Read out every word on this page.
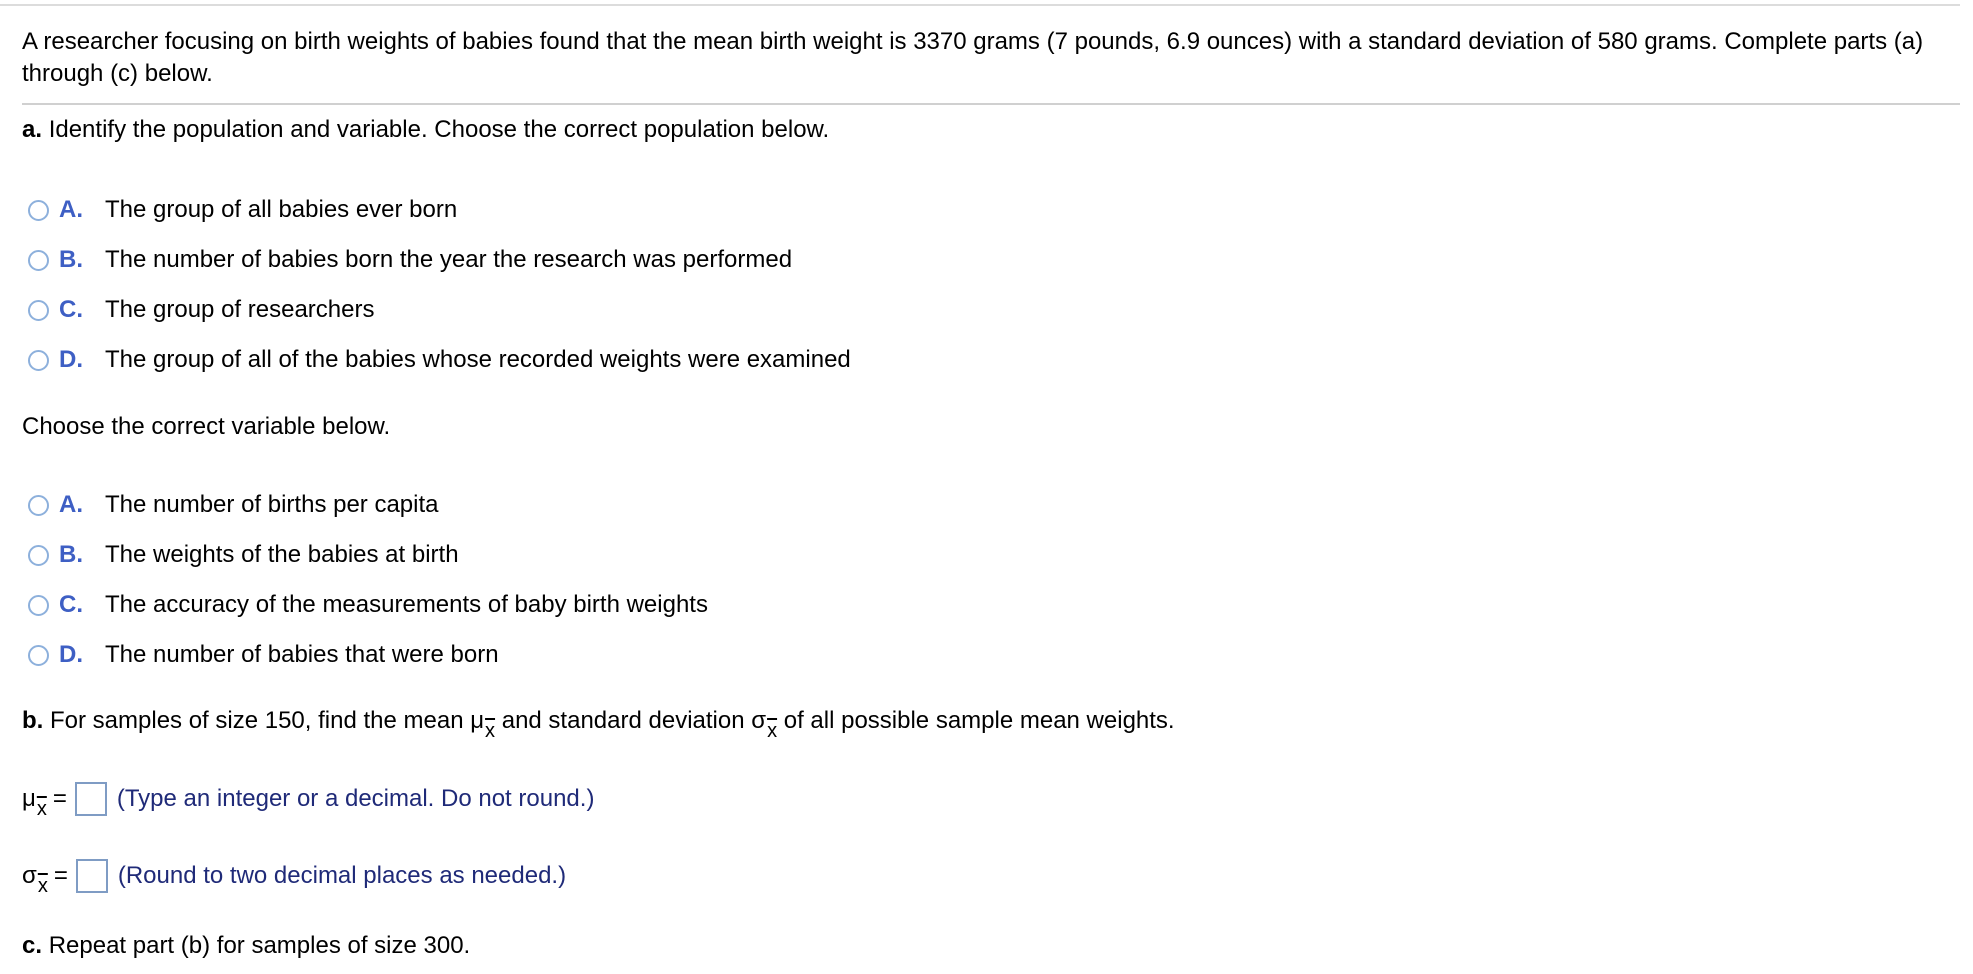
A researcher focusing on birth weights of babies found that the mean birth weight is 3370 grams (7 pounds, 6.9 ounces) with a standard deviation of 580 grams. Complete parts (a) through (c) below.
a. Identify the population and variable. Choose the correct population below.
A. The group of all babies ever born
B. The number of babies born the year the research was performed
C. The group of researchers
D. The group of all of the babies whose recorded weights were examined
Choose the correct variable below.
A. The number of births per capita
B. The weights of the babies at birth
C. The accuracy of the measurements of baby birth weights
D. The number of babies that were born
b. For samples of size 150, find the mean $\mu_{\overline{x}}$ and standard deviation $\sigma_{\overline{x}}$ of all possible sample mean weights.
$\mu_{\overline{x}}$ = (Type an integer or a decimal. Do not round.)
$\sigma_{\overline{x}}$ = (Round to two decimal places as needed.)
c. Repeat part (b) for samples of size 300.
